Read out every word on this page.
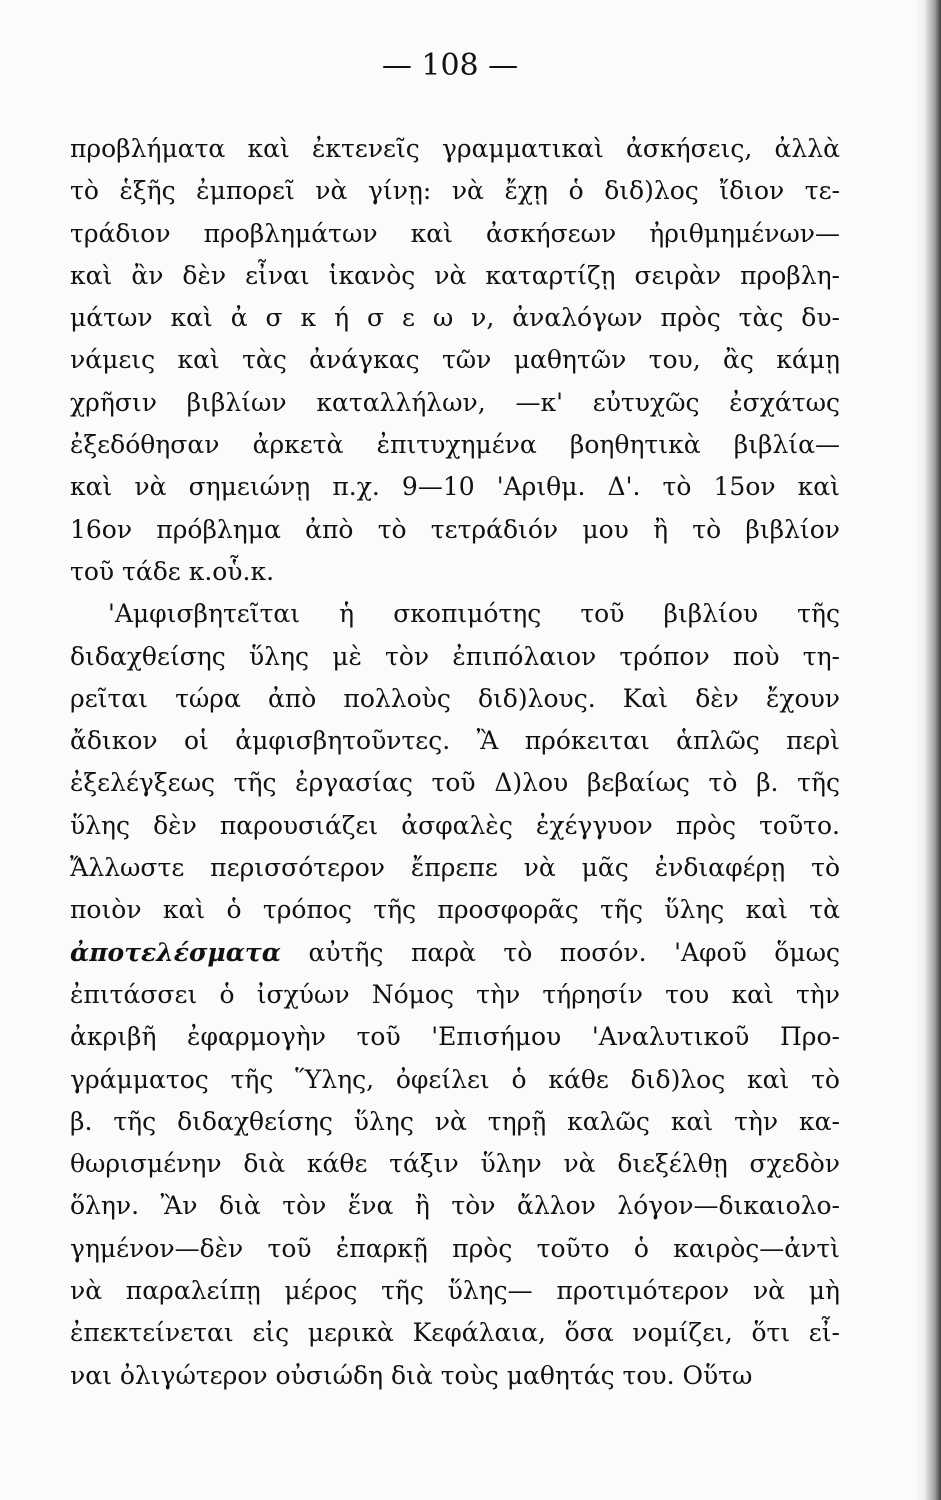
— 108 —
προβλήματα καὶ ἐκτενεῖς γραμματικαὶ ἀσκήσεις, ἀλλὰ
τὸ ἑξῆς ἐμπορεῖ νὰ γίνῃ: νὰ ἔχῃ ὁ διδ)λος ἴδιον τε-
τράδιον προβλημάτων καὶ ἀσκήσεων ἠριθμημένων—
καὶ ἂν δὲν εἶναι ἱκανὸς νὰ καταρτίζῃ σειρὰν προβλη-
μάτων καὶ ἀ σ κ ή σ ε ω ν, ἀναλόγων πρὸς τὰς δυ-
νάμεις καὶ τὰς ἀνάγκας τῶν μαθητῶν του, ἂς κάμῃ
χρῆσιν βιβλίων καταλλήλων, —κ' εὐτυχῶς ἐσχάτως
ἐξεδόθησαν ἀρκετὰ ἐπιτυχημένα βοηθητικὰ βιβλία—
καὶ νὰ σημειώνῃ π.χ. 9—10 'Αριθμ. Δ'. τὸ 15ον καὶ
16ον πρόβλημα ἀπὸ τὸ τετράδιόν μου ἢ τὸ βιβλίον
τοῦ τάδε κ.οὗ.κ.
'Αμφισβητεῖται ἡ σκοπιμότης τοῦ βιβλίου τῆς
διδαχθείσης ὕλης μὲ τὸν ἐπιπόλαιον τρόπον ποὺ τη-
ρεῖται τώρα ἀπὸ πολλοὺς διδ)λους. Καὶ δὲν ἔχουν
ἄδικον οἱ ἀμφισβητοῦντες. Ἂ πρόκειται ἁπλῶς περὶ
ἐξελέγξεως τῆς ἐργασίας τοῦ Δ)λου βεβαίως τὸ β. τῆς
ὕλης δὲν παρουσιάζει ἀσφαλὲς ἐχέγγυον πρὸς τοῦτο.
Ἄλλωστε περισσότερον ἔπρεπε νὰ μᾶς ἐνδιαφέρῃ τὸ
ποιὸν καὶ ὁ τρόπος τῆς προσφορᾶς τῆς ὕλης καὶ τὰ
ἀποτελέσματα αὐτῆς παρὰ τὸ ποσόν. 'Αφοῦ ὅμως
ἐπιτάσσει ὁ ἰσχύων Νόμος τὴν τήρησίν του καὶ τὴν
ἀκριβῆ ἐφαρμογὴν τοῦ 'Επισήμου 'Αναλυτικοῦ Προ-
γράμματος τῆς Ὕλης, ὀφείλει ὁ κάθε διδ)λος καὶ τὸ
β. τῆς διδαχθείσης ὕλης νὰ τηρῇ καλῶς καὶ τὴν κα-
θωρισμένην διὰ κάθε τάξιν ὕλην νὰ διεξέλθῃ σχεδὸν
ὅλην. Ἂν διὰ τὸν ἕνα ἢ τὸν ἄλλον λόγον—δικαιολο-
γημένον—δὲν τοῦ ἐπαρκῇ πρὸς τοῦτο ὁ καιρὸς—ἀντὶ
νὰ παραλείπῃ μέρος τῆς ὕλης— προτιμότερον νὰ μὴ
ἐπεκτείνεται εἰς μερικὰ Κεφάλαια, ὅσα νομίζει, ὅτι εἶ-
ναι ὀλιγώτερον οὐσιώδη διὰ τοὺς μαθητάς του. Οὕτω
